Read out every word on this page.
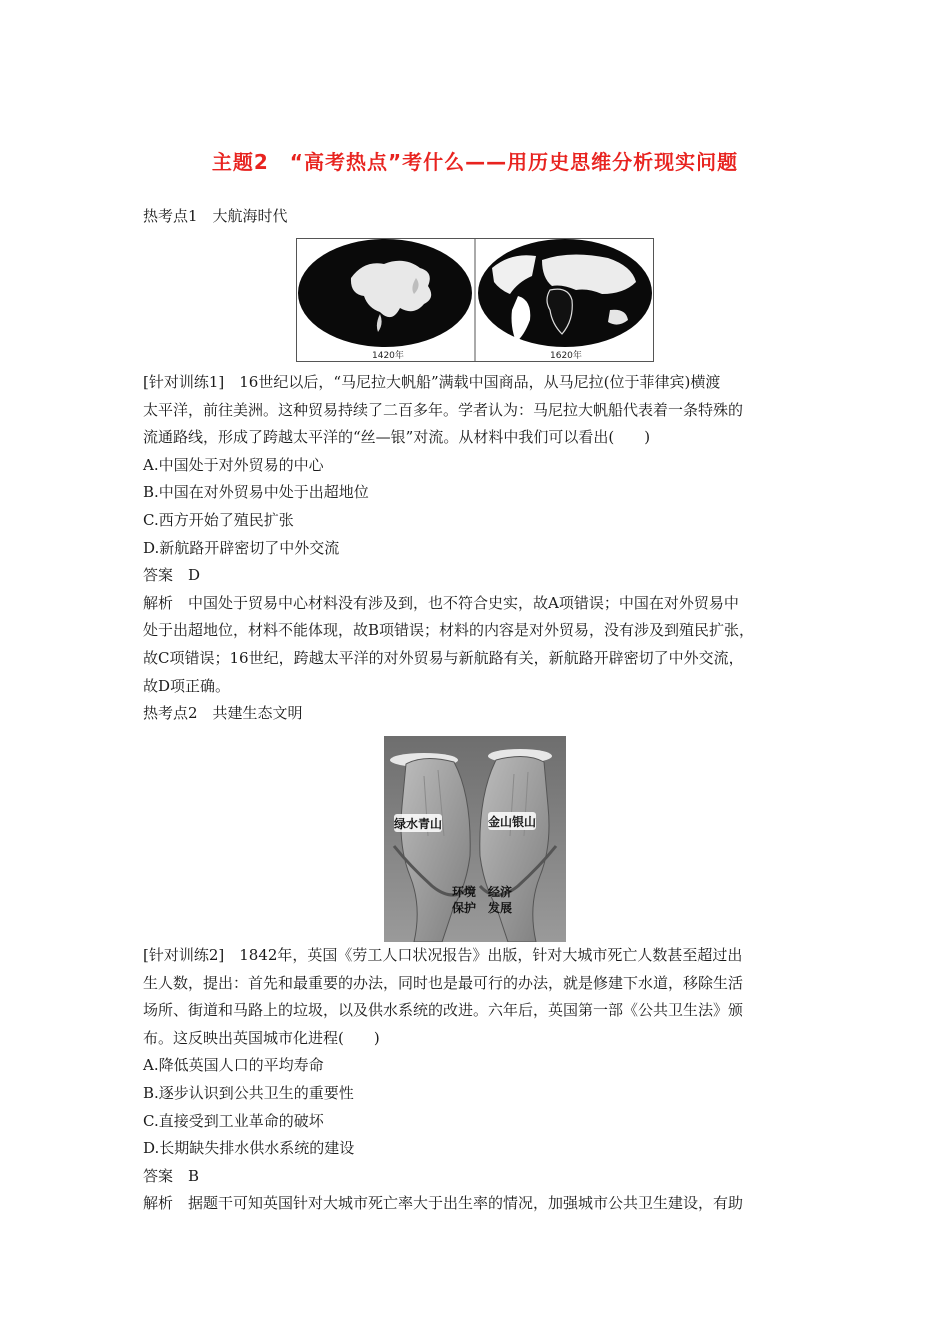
主题2　“高考热点”考什么——用历史思维分析现实问题
热考点1　大航海时代
1420年	1620年
[针对训练1]　16世纪以后，“马尼拉大帆船”满载中国商品，从马尼拉(位于菲律宾)横渡
太平洋，前往美洲。这种贸易持续了二百多年。学者认为：马尼拉大帆船代表着一条特殊的
流通路线，形成了跨越太平洋的“丝—银”对流。从材料中我们可以看出(　　)
A.中国处于对外贸易的中心
B.中国在对外贸易中处于出超地位
C.西方开始了殖民扩张
D.新航路开辟密切了中外交流
答案　D
解析　中国处于贸易中心材料没有涉及到，也不符合史实，故A项错误；中国在对外贸易中
处于出超地位，材料不能体现，故B项错误；材料的内容是对外贸易，没有涉及到殖民扩张，
故C项错误；16世纪，跨越太平洋的对外贸易与新航路有关，新航路开辟密切了中外交流，
故D项正确。
热考点2　共建生态文明
绿水青山	金山银山
环境
保护
经济
发展
[针对训练2]　1842年，英国《劳工人口状况报告》出版，针对大城市死亡人数甚至超过出
生人数，提出：首先和最重要的办法，同时也是最可行的办法，就是修建下水道，移除生活
场所、街道和马路上的垃圾，以及供水系统的改进。六年后，英国第一部《公共卫生法》颁
布。这反映出英国城市化进程(　　)
A.降低英国人口的平均寿命
B.逐步认识到公共卫生的重要性
C.直接受到工业革命的破坏
D.长期缺失排水供水系统的建设
答案　B
解析　据题干可知英国针对大城市死亡率大于出生率的情况，加强城市公共卫生建设，有助
